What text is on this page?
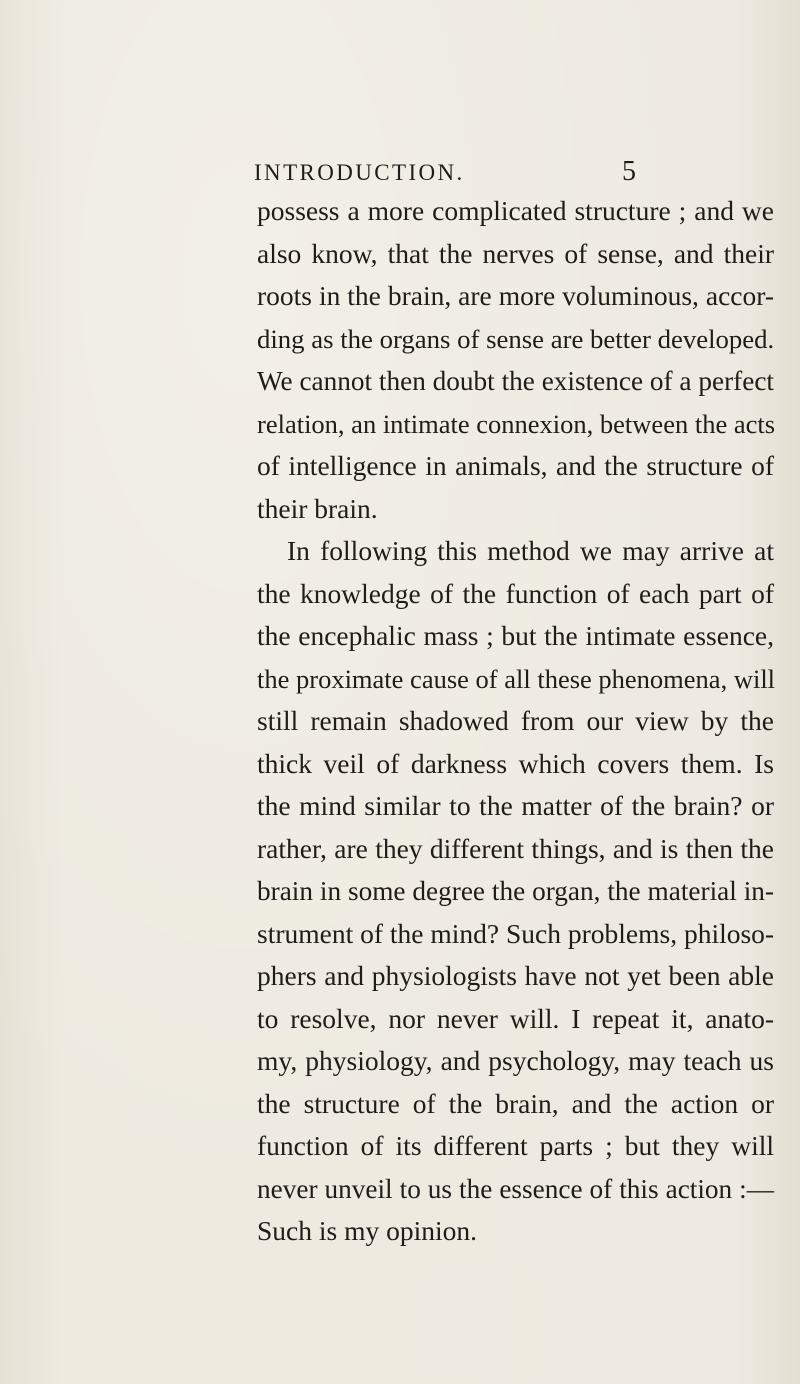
INTRODUCTION.	5
possess a more complicated structure ; and we
also know, that the nerves of sense, and their
roots in the brain, are more voluminous, accor-
ding as the organs of sense are better developed.
We cannot then doubt the existence of a perfect
relation, an intimate connexion, between the acts
of intelligence in animals, and the structure of
their brain.
In following this method we may arrive at
the knowledge of the function of each part of
the encephalic mass ; but the intimate essence,
the proximate cause of all these phenomena, will
still remain shadowed from our view by the
thick veil of darkness which covers them. Is
the mind similar to the matter of the brain? or
rather, are they different things, and is then the
brain in some degree the organ, the material in-
strument of the mind? Such problems, philoso-
phers and physiologists have not yet been able
to resolve, nor never will. I repeat it, anato-
my, physiology, and psychology, may teach us
the structure of the brain, and the action or
function of its different parts ; but they will
never unveil to us the essence of this action :—
Such is my opinion.
